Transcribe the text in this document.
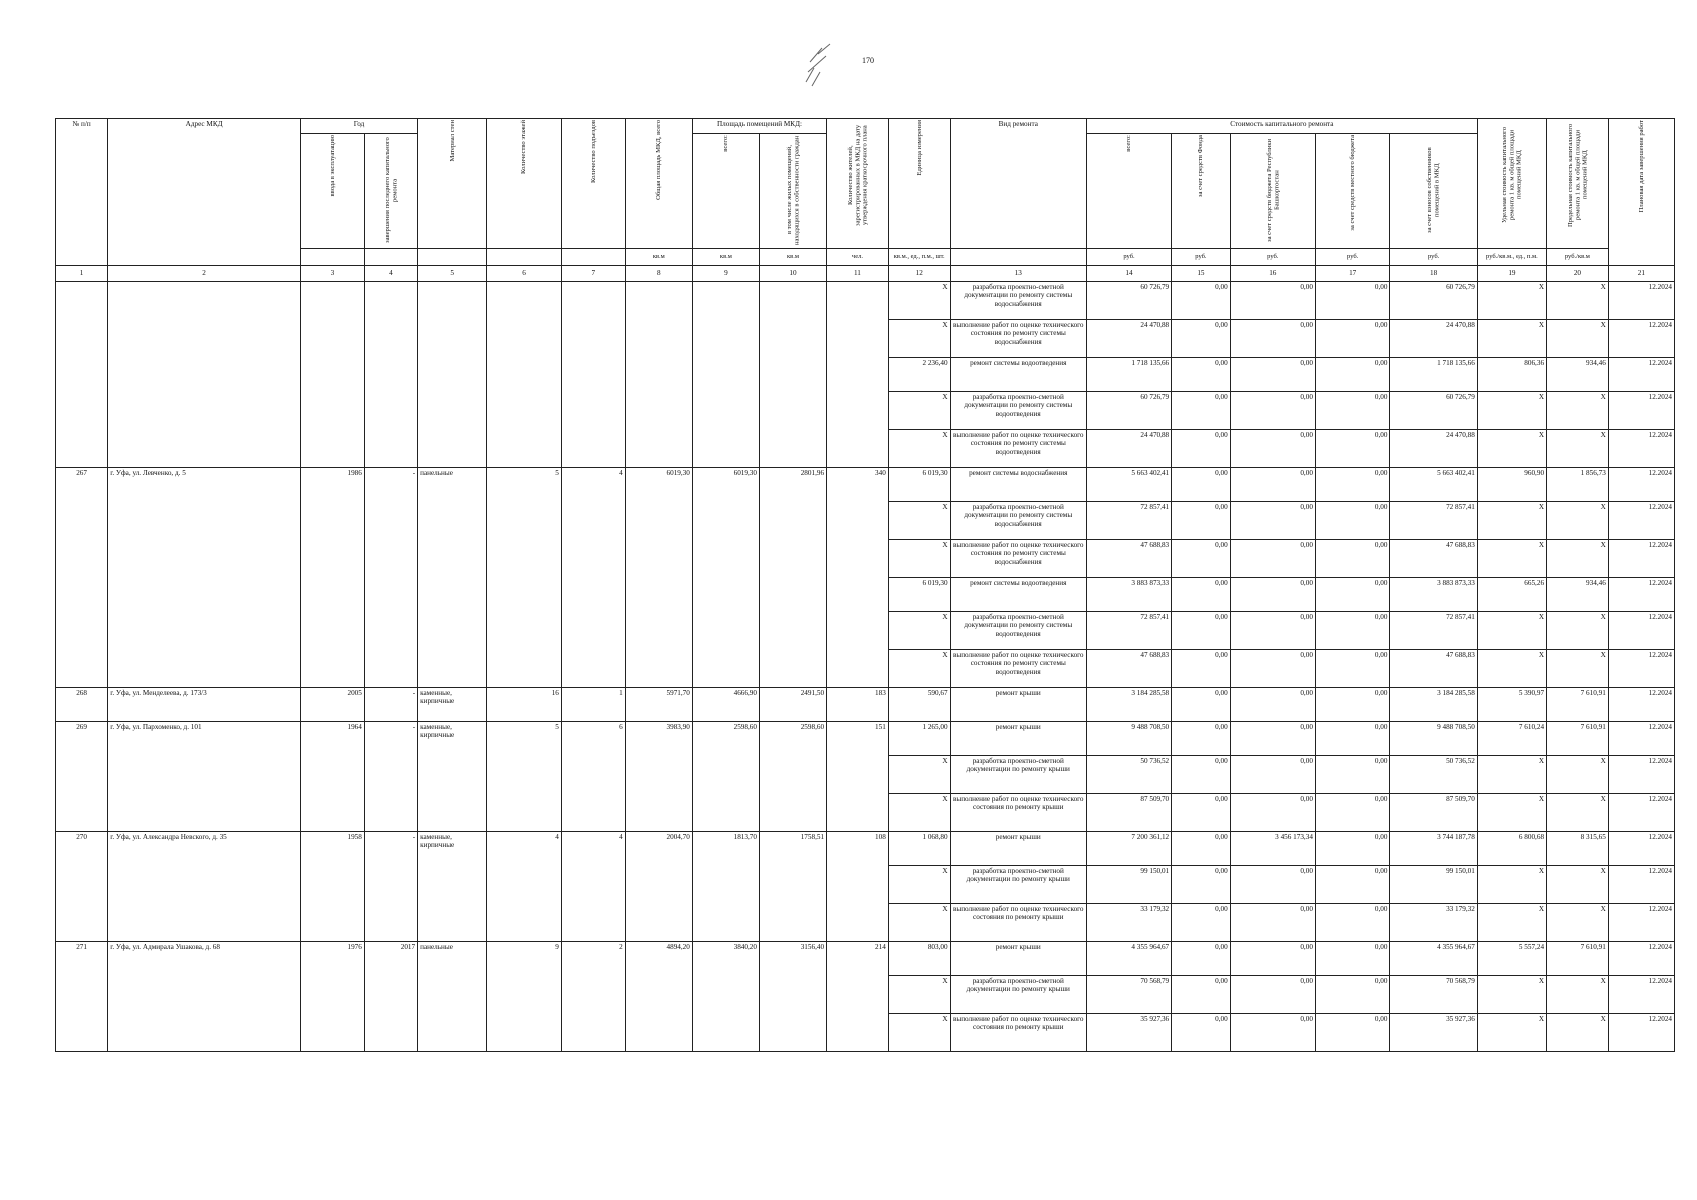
170
№ п/п	Адрес МКД	Год		Материал стен	Количество этажей	Количество подъездов	Общая площадь МКД, всего	Площадь помещений МКД:		Количество жителей, зарегистрированных в МКД на дату утверждения краткосрочного плана	Единица измерения	Вид ремонта	Стоимость капитального ремонта					Удельная стоимость капитального ремонта 1 кв. м общей площади помещений МКД	Предельная стоимость капитального ремонта 1 кв. м общей площади помещений МКД	Плановая дата завершения работ

		ввода в эксплуатацию	завершения последнего капитального ремонта					всего:	в том числе жилых помещений, находящихся в собственности граждан				всего:	за счет средств Фонда	за счет средств бюджета Республики Башкортостан	за счет средств местного бюджета	за счет взносов собственников помещений в МКД			

							кв.м	кв.м	кв.м	чел.	кв.м., ед., п.м., шт.		руб.	руб.	руб.	руб.	руб.	руб./кв.м., ед., п.м.	руб./кв.м	
1	2	3	4	5	6	7	8	9	10	11	12	13	14	15	16	17	18	19	20	21
											X	разработка проектно-сметной документации по ремонту системы водоснабжения	60 726,79	0,00	0,00	0,00	60 726,79	X	X	12.2024
											X	выполнение работ по оценке технического состояния по ремонту системы водоснабжения	24 470,88	0,00	0,00	0,00	24 470,88	X	X	12.2024
											2 236,40	ремонт системы водоотведения	1 718 135,66	0,00	0,00	0,00	1 718 135,66	806,36	934,46	12.2024
											X	разработка проектно-сметной документации по ремонту системы водоотведения	60 726,79	0,00	0,00	0,00	60 726,79	X	X	12.2024
											X	выполнение работ по оценке технического состояния по ремонту системы водоотведения	24 470,88	0,00	0,00	0,00	24 470,88	X	X	12.2024
267	г. Уфа, ул. Левченко, д. 5	1986	-	панельные	5	4	6019,30	6019,30	2801,96	340	6 019,30	ремонт системы водоснабжения	5 663 402,41	0,00	0,00	0,00	5 663 402,41	960,90	1 856,73	12.2024
											X	разработка проектно-сметной документации по ремонту системы водоснабжения	72 857,41	0,00	0,00	0,00	72 857,41	X	X	12.2024
											X	выполнение работ по оценке технического состояния по ремонту системы водоснабжения	47 688,83	0,00	0,00	0,00	47 688,83	X	X	12.2024
											6 019,30	ремонт системы водоотведения	3 883 873,33	0,00	0,00	0,00	3 883 873,33	665,26	934,46	12.2024
											X	разработка проектно-сметной документации по ремонту системы водоотведения	72 857,41	0,00	0,00	0,00	72 857,41	X	X	12.2024
											X	выполнение работ по оценке технического состояния по ремонту системы водоотведения	47 688,83	0,00	0,00	0,00	47 688,83	X	X	12.2024
268	г. Уфа, ул. Менделеева, д. 173/3	2005	-	каменные, кирпичные	16	1	5971,70	4666,90	2491,50	183	590,67	ремонт крыши	3 184 285,58	0,00	0,00	0,00	3 184 285,58	5 390,97	7 610,91	12.2024
269	г. Уфа, ул. Пархоменко, д. 101	1964	-	каменные, кирпичные	5	6	3983,90	2598,60	2598,60	151	1 265,00	ремонт крыши	9 488 708,50	0,00	0,00	0,00	9 488 708,50	7 610,24	7 610,91	12.2024
											X	разработка проектно-сметной документации по ремонту крыши	50 736,52	0,00	0,00	0,00	50 736,52	X	X	12.2024
											X	выполнение работ по оценке технического состояния по ремонту крыши	87 509,70	0,00	0,00	0,00	87 509,70	X	X	12.2024
270	г. Уфа, ул. Александра Невского, д. 35	1958	-	каменные, кирпичные	4	4	2004,70	1813,70	1758,51	108	1 068,80	ремонт крыши	7 200 361,12	0,00	3 456 173,34	0,00	3 744 187,78	6 800,68	8 315,65	12.2024
											X	разработка проектно-сметной документации по ремонту крыши	99 150,01	0,00	0,00	0,00	99 150,01	X	X	12.2024
											X	выполнение работ по оценке технического состояния по ремонту крыши	33 179,32	0,00	0,00	0,00	33 179,32	X	X	12.2024
271	г. Уфа, ул. Адмирала Ушакова, д. 68	1976	2017	панельные	9	2	4894,20	3840,20	3156,40	214	803,00	ремонт крыши	4 355 964,67	0,00	0,00	0,00	4 355 964,67	5 557,24	7 610,91	12.2024
											X	разработка проектно-сметной документации по ремонту крыши	70 568,79	0,00	0,00	0,00	70 568,79	X	X	12.2024
											X	выполнение работ по оценке технического состояния по ремонту крыши	35 927,36	0,00	0,00	0,00	35 927,36	X	X	12.2024
